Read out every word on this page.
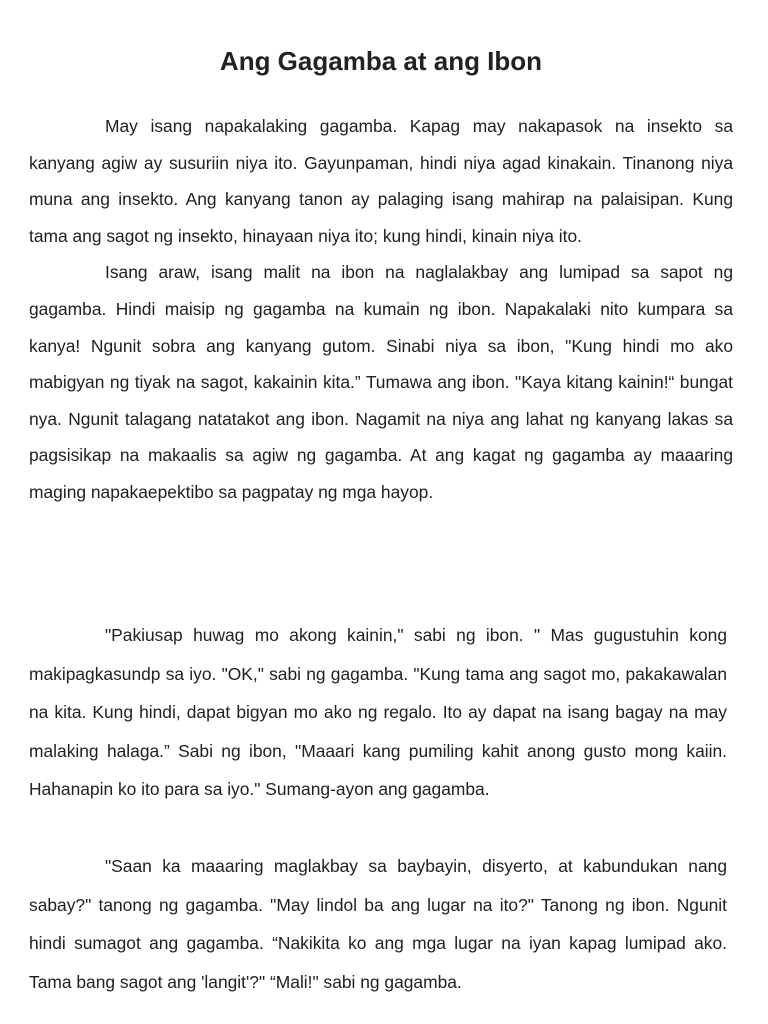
Ang Gagamba at ang Ibon

May isang napakalaking gagamba. Kapag may nakapasok na insekto sa kanyang agiw ay susuriin niya ito. Gayunpaman, hindi niya agad kinakain. Tinanong niya muna ang insekto. Ang kanyang tanon ay palaging isang mahirap na palaisipan. Kung tama ang sagot ng insekto, hinayaan niya ito; kung hindi, kinain niya ito.

Isang araw, isang malit na ibon na naglalakbay ang lumipad sa sapot ng gagamba. Hindi maisip ng gagamba na kumain ng ibon. Napakalaki nito kumpara sa kanya! Ngunit sobra ang kanyang gutom. Sinabi niya sa ibon, "Kung hindi mo ako mabigyan ng tiyak na sagot, kakainin kita.” Tumawa ang ibon. "Kaya kitang kainin!“ bungat nya. Ngunit talagang natatakot ang ibon. Nagamit na niya ang lahat ng kanyang lakas sa pagsisikap na makaalis sa agiw ng gagamba. At ang kagat ng gagamba ay maaaring maging napakaepektibo sa pagpatay ng mga hayop.

"Pakiusap huwag mo akong kainin," sabi ng ibon. " Mas gugustuhin kong makipagkasundp sa iyo. "OK," sabi ng gagamba. "Kung tama ang sagot mo, pakakawalan na kita. Kung hindi, dapat bigyan mo ako ng regalo. Ito ay dapat na isang bagay na may malaking halaga.” Sabi ng ibon, "Maaari kang pumiling kahit anong gusto mong kaiin. Hahanapin ko ito para sa iyo." Sumang-ayon ang gagamba.

"Saan ka maaaring maglakbay sa baybayin, disyerto, at kabundukan nang sabay?" tanong ng gagamba. "May lindol ba ang lugar na ito?" Tanong ng ibon. Ngunit hindi sumagot ang gagamba. “Nakikita ko ang mga lugar na iyan kapag lumipad ako. Tama bang sagot ang 'langit'?" “Mali!" sabi ng gagamba.
